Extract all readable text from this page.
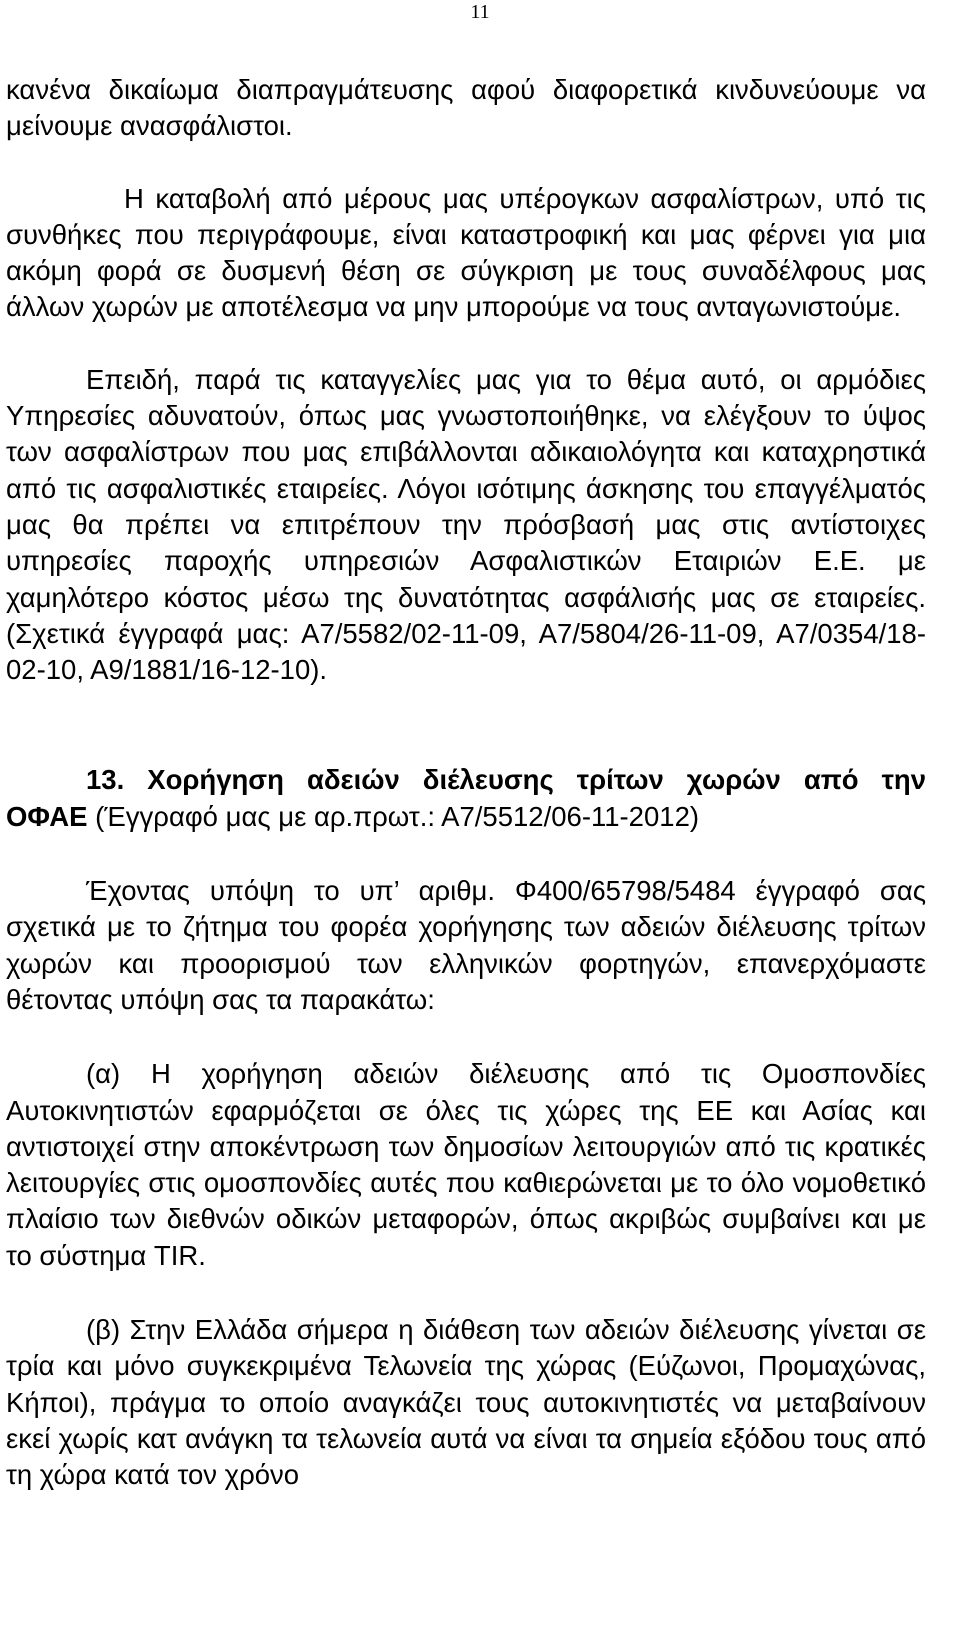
11

κανένα δικαίωμα διαπραγμάτευσης αφού διαφορετικά κινδυνεύουμε να μείνουμε ανασφάλιστοι.

Η καταβολή από μέρους μας υπέρογκων ασφαλίστρων, υπό τις συνθήκες που περιγράφουμε, είναι καταστροφική και μας φέρνει για μια ακόμη φορά σε δυσμενή θέση σε σύγκριση με τους συναδέλφους μας άλλων χωρών με αποτέλεσμα να μην μπορούμε να τους ανταγωνιστούμε.

Επειδή, παρά τις καταγγελίες μας για το θέμα αυτό, οι αρμόδιες Υπηρεσίες αδυνατούν, όπως μας γνωστοποιήθηκε, να ελέγξουν το ύψος των ασφαλίστρων που μας επιβάλλονται αδικαιολόγητα και καταχρηστικά από τις ασφαλιστικές εταιρείες. Λόγοι ισότιμης άσκησης του επαγγέλματός μας θα πρέπει να επιτρέπουν την πρόσβασή μας στις αντίστοιχες υπηρεσίες παροχής υπηρεσιών Ασφαλιστικών Εταιριών Ε.Ε. με χαμηλότερο κόστος μέσω της δυνατότητας ασφάλισής μας σε εταιρείες. (Σχετικά έγγραφά μας: Α7/5582/02-11-09, Α7/5804/26-11-09, Α7/0354/18-02-10, Α9/1881/16-12-10).

13. Χορήγηση αδειών διέλευσης τρίτων χωρών από την

ΟΦΑΕ (Έγγραφό μας με αρ.πρωτ.: Α7/5512/06-11-2012)

Έχοντας υπόψη το υπ’ αριθμ. Φ400/65798/5484 έγγραφό σας σχετικά με το ζήτημα του φορέα χορήγησης των αδειών διέλευσης τρίτων χωρών και προορισμού των ελληνικών φορτηγών, επανερχόμαστε θέτοντας υπόψη σας τα παρακάτω:

(α) Η χορήγηση αδειών διέλευσης από τις Ομοσπονδίες Αυτοκινητιστών εφαρμόζεται σε όλες τις χώρες της ΕΕ και Ασίας και αντιστοιχεί στην αποκέντρωση των δημοσίων λειτουργιών από τις κρατικές λειτουργίες στις ομοσπονδίες αυτές που καθιερώνεται με το όλο νομοθετικό πλαίσιο των διεθνών οδικών μεταφορών, όπως ακριβώς συμβαίνει και με το σύστημα TIR.

(β) Στην Ελλάδα σήμερα η διάθεση των αδειών διέλευσης γίνεται σε τρία και μόνο συγκεκριμένα Τελωνεία της χώρας (Εύζωνοι, Προμαχώνας, Κήποι), πράγμα το οποίο αναγκάζει τους αυτοκινητιστές να μεταβαίνουν εκεί χωρίς κατ ανάγκη τα τελωνεία αυτά να είναι τα σημεία εξόδου τους από τη χώρα κατά τον χρόνο
